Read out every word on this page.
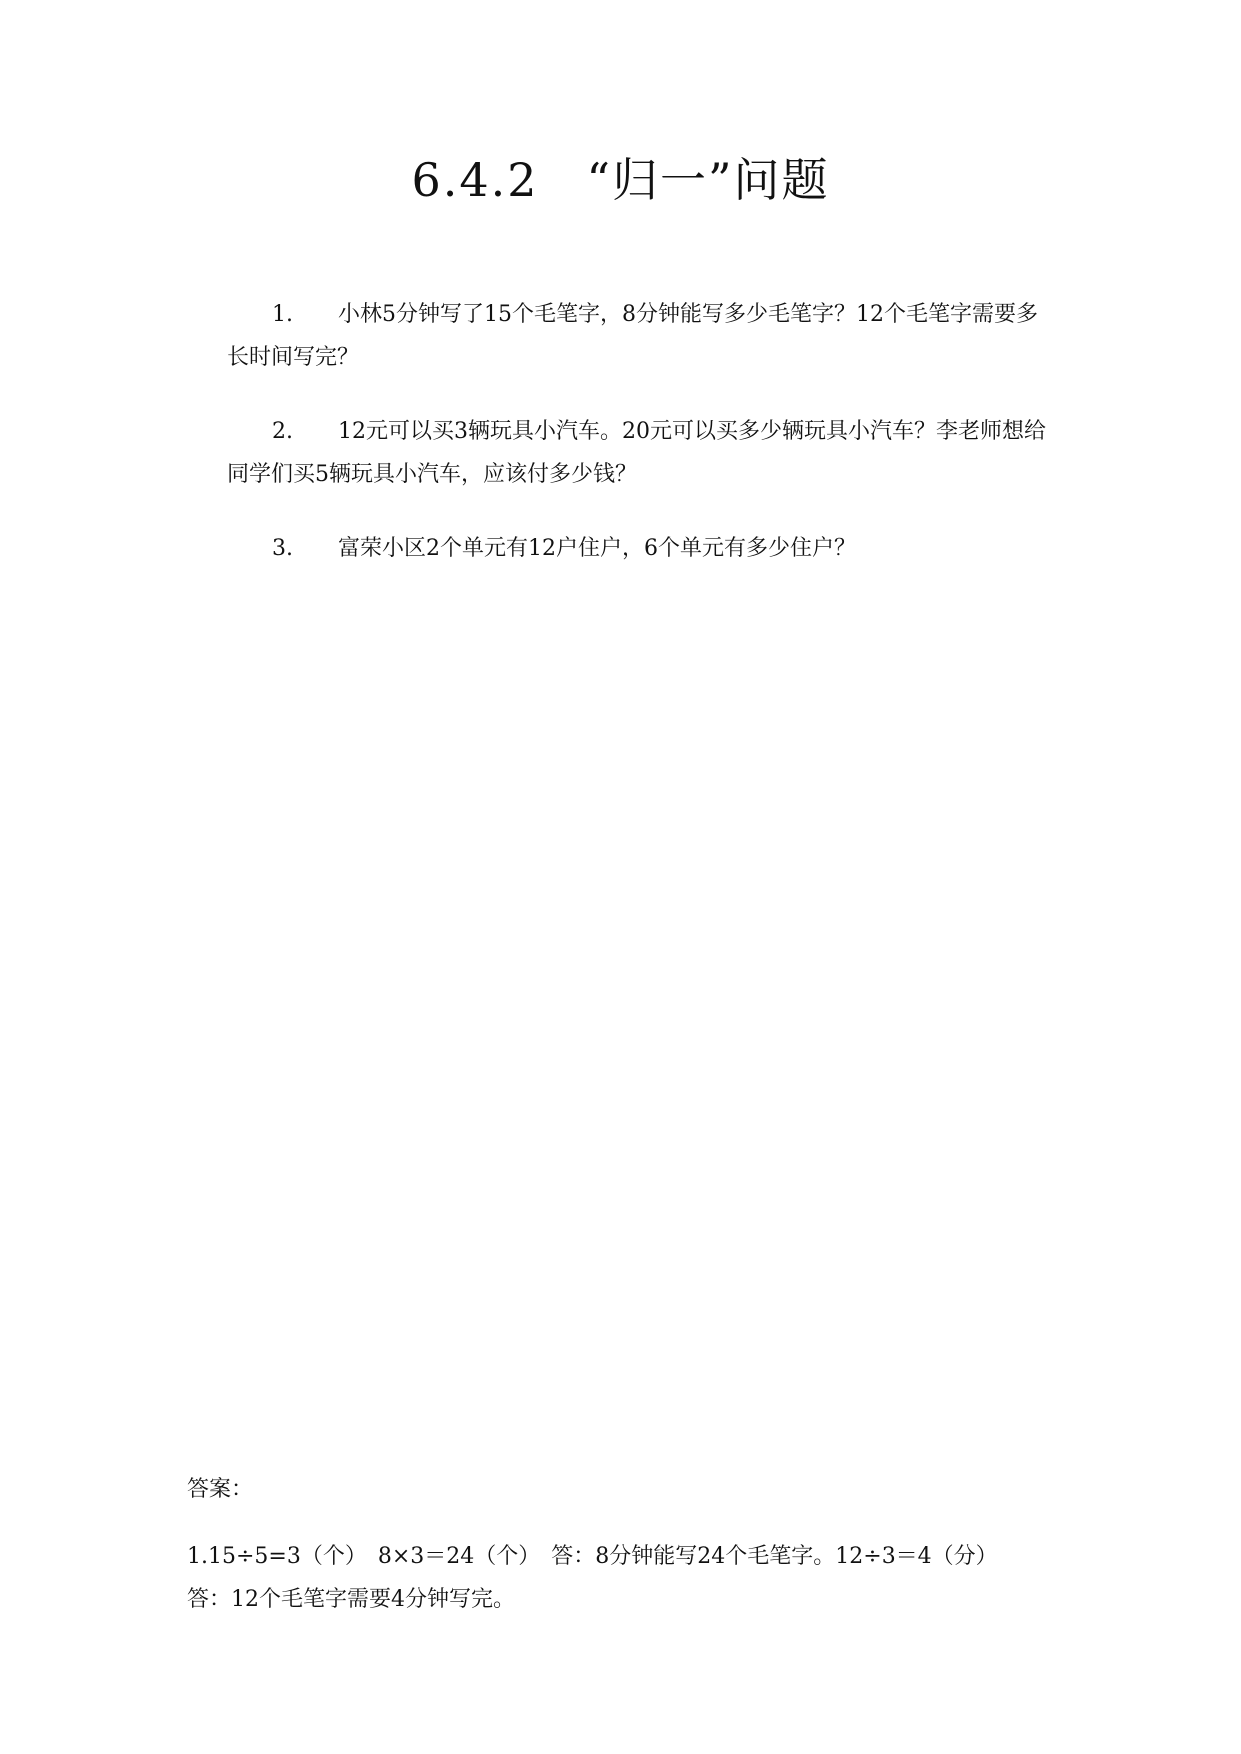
6.4.2　“归一”问题

1. 小林5分钟写了15个毛笔字，8分钟能写多少毛笔字？12个毛笔字需要多长时间写完？

2. 12元可以买3辆玩具小汽车。20元可以买多少辆玩具小汽车？李老师想给同学们买5辆玩具小汽车，应该付多少钱？

3. 富荣小区2个单元有12户住户，6个单元有多少住户？

答案：
1.15÷5=3（个）　8×3＝24（个）　答：8分钟能写24个毛笔字。12÷3＝4（分）　答：12个毛笔字需要4分钟写完。
